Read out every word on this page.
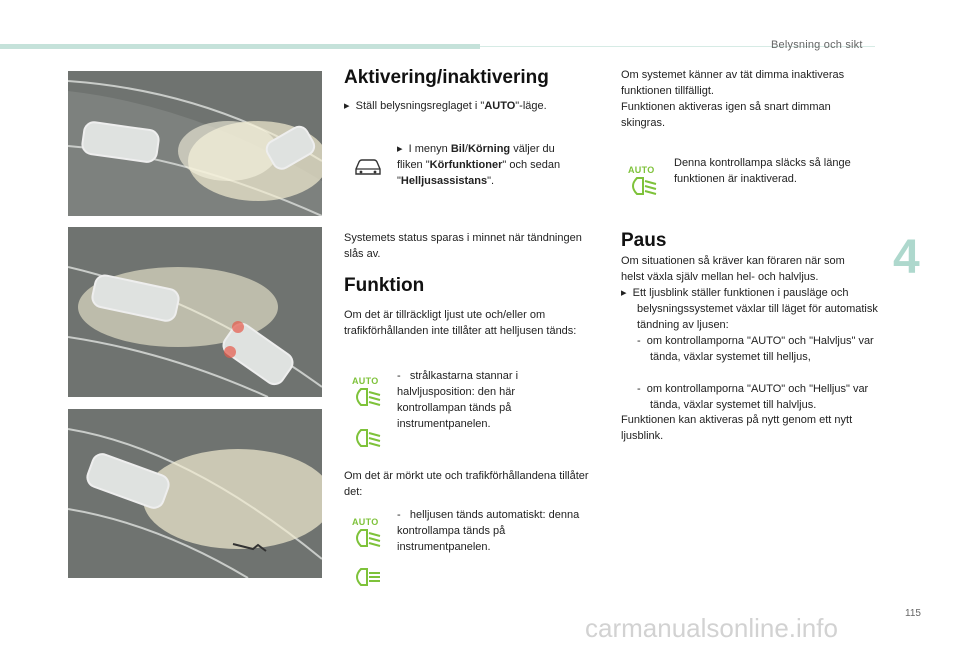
Belysning och sikt
4
115
Aktivering/inaktivering
▸ Ställ belysningsreglaget i "AUTO"-läge.
▸ I menyn Bil/Körning väljer du fliken "Körfunktioner" och sedan "Helljusassistans".
Systemets status sparas i minnet när tändningen slås av.
Funktion
Om det är tillräckligt ljust ute och/eller om trafikförhållanden inte tillåter att helljusen tänds:
AUTO	-   strålkastarna stannar i halvljusposition: den här kontrollampan tänds på instrumentpanelen.
Om det är mörkt ute och trafikförhållandena tillåter det:
AUTO
-   helljusen tänds automatiskt: denna kontrollampa tänds på instrumentpanelen.
Om systemet känner av tät dimma inaktiveras funktionen tillfälligt.
Funktionen aktiveras igen så snart dimman skingras.
AUTO
Denna kontrollampa släcks så länge funktionen är inaktiverad.
Paus
Om situationen så kräver kan föraren när som helst växla själv mellan hel- och halvljus.
▸ Ett ljusblink ställer funktionen i pausläge och belysningssystemet växlar till läget för automatisk tändning av ljusen:
-  om kontrollamporna "AUTO" och "Halvljus" var tända, växlar systemet till helljus,
-  om kontrollamporna "AUTO" och "Helljus" var tända, växlar systemet till halvljus.
Funktionen kan aktiveras på nytt genom ett nytt ljusblink.
carmanualsonline.info
